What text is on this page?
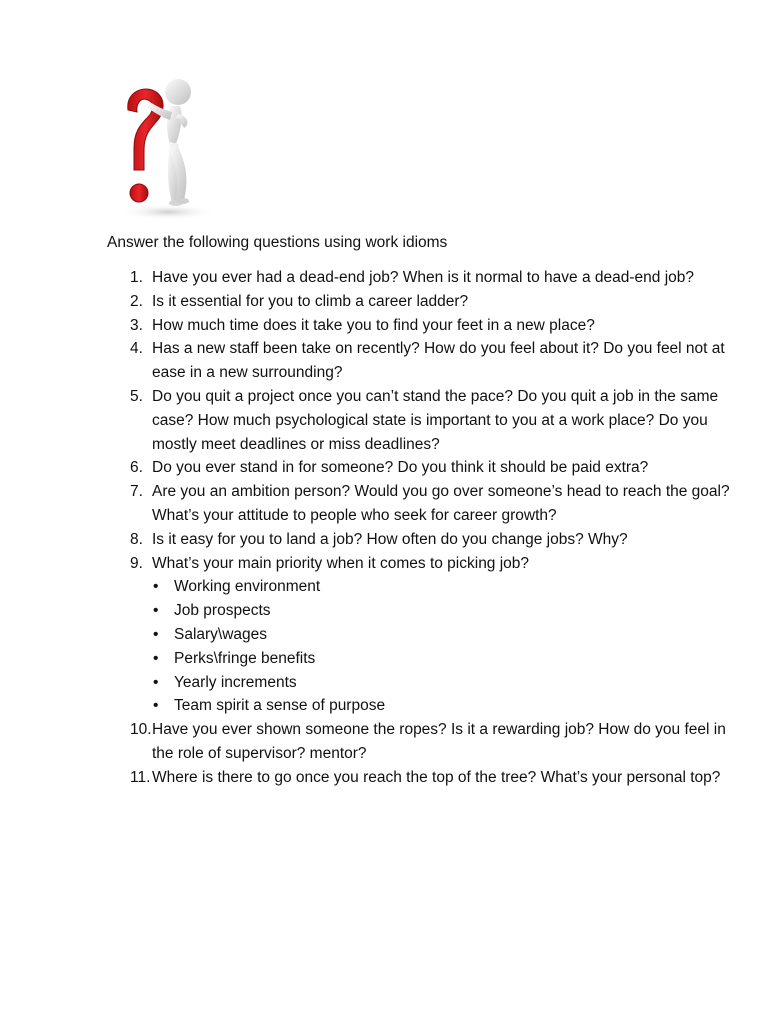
Answer the following questions using work idioms

1. Have you ever had a dead-end job? When is it normal to have a dead-end job?
2. Is it essential for you to climb a career ladder?
3. How much time does it take you to find your feet in a new place?
4. Has a new staff been take on recently? How do you feel about it? Do you feel not at ease in a new surrounding?
5. Do you quit a project once you can’t stand the pace? Do you quit a job in the same case? How much psychological state is important to you at a work place? Do you mostly meet deadlines or miss deadlines?
6. Do you ever stand in for someone? Do you think it should be paid extra?
7. Are you an ambition person? Would you go over someone’s head to reach the goal? What’s your attitude to people who seek for career growth?
8. Is it easy for you to land a job? How often do you change jobs? Why?
9. What’s your main priority when it comes to picking job?
• Working environment
• Job prospects
• Salary\wages
• Perks\fringe benefits
• Yearly increments
• Team spirit a sense of purpose
10. Have you ever shown someone the ropes? Is it a rewarding job? How do you feel in the role of supervisor? mentor?
11. Where is there to go once you reach the top of the tree? What’s your personal top?
